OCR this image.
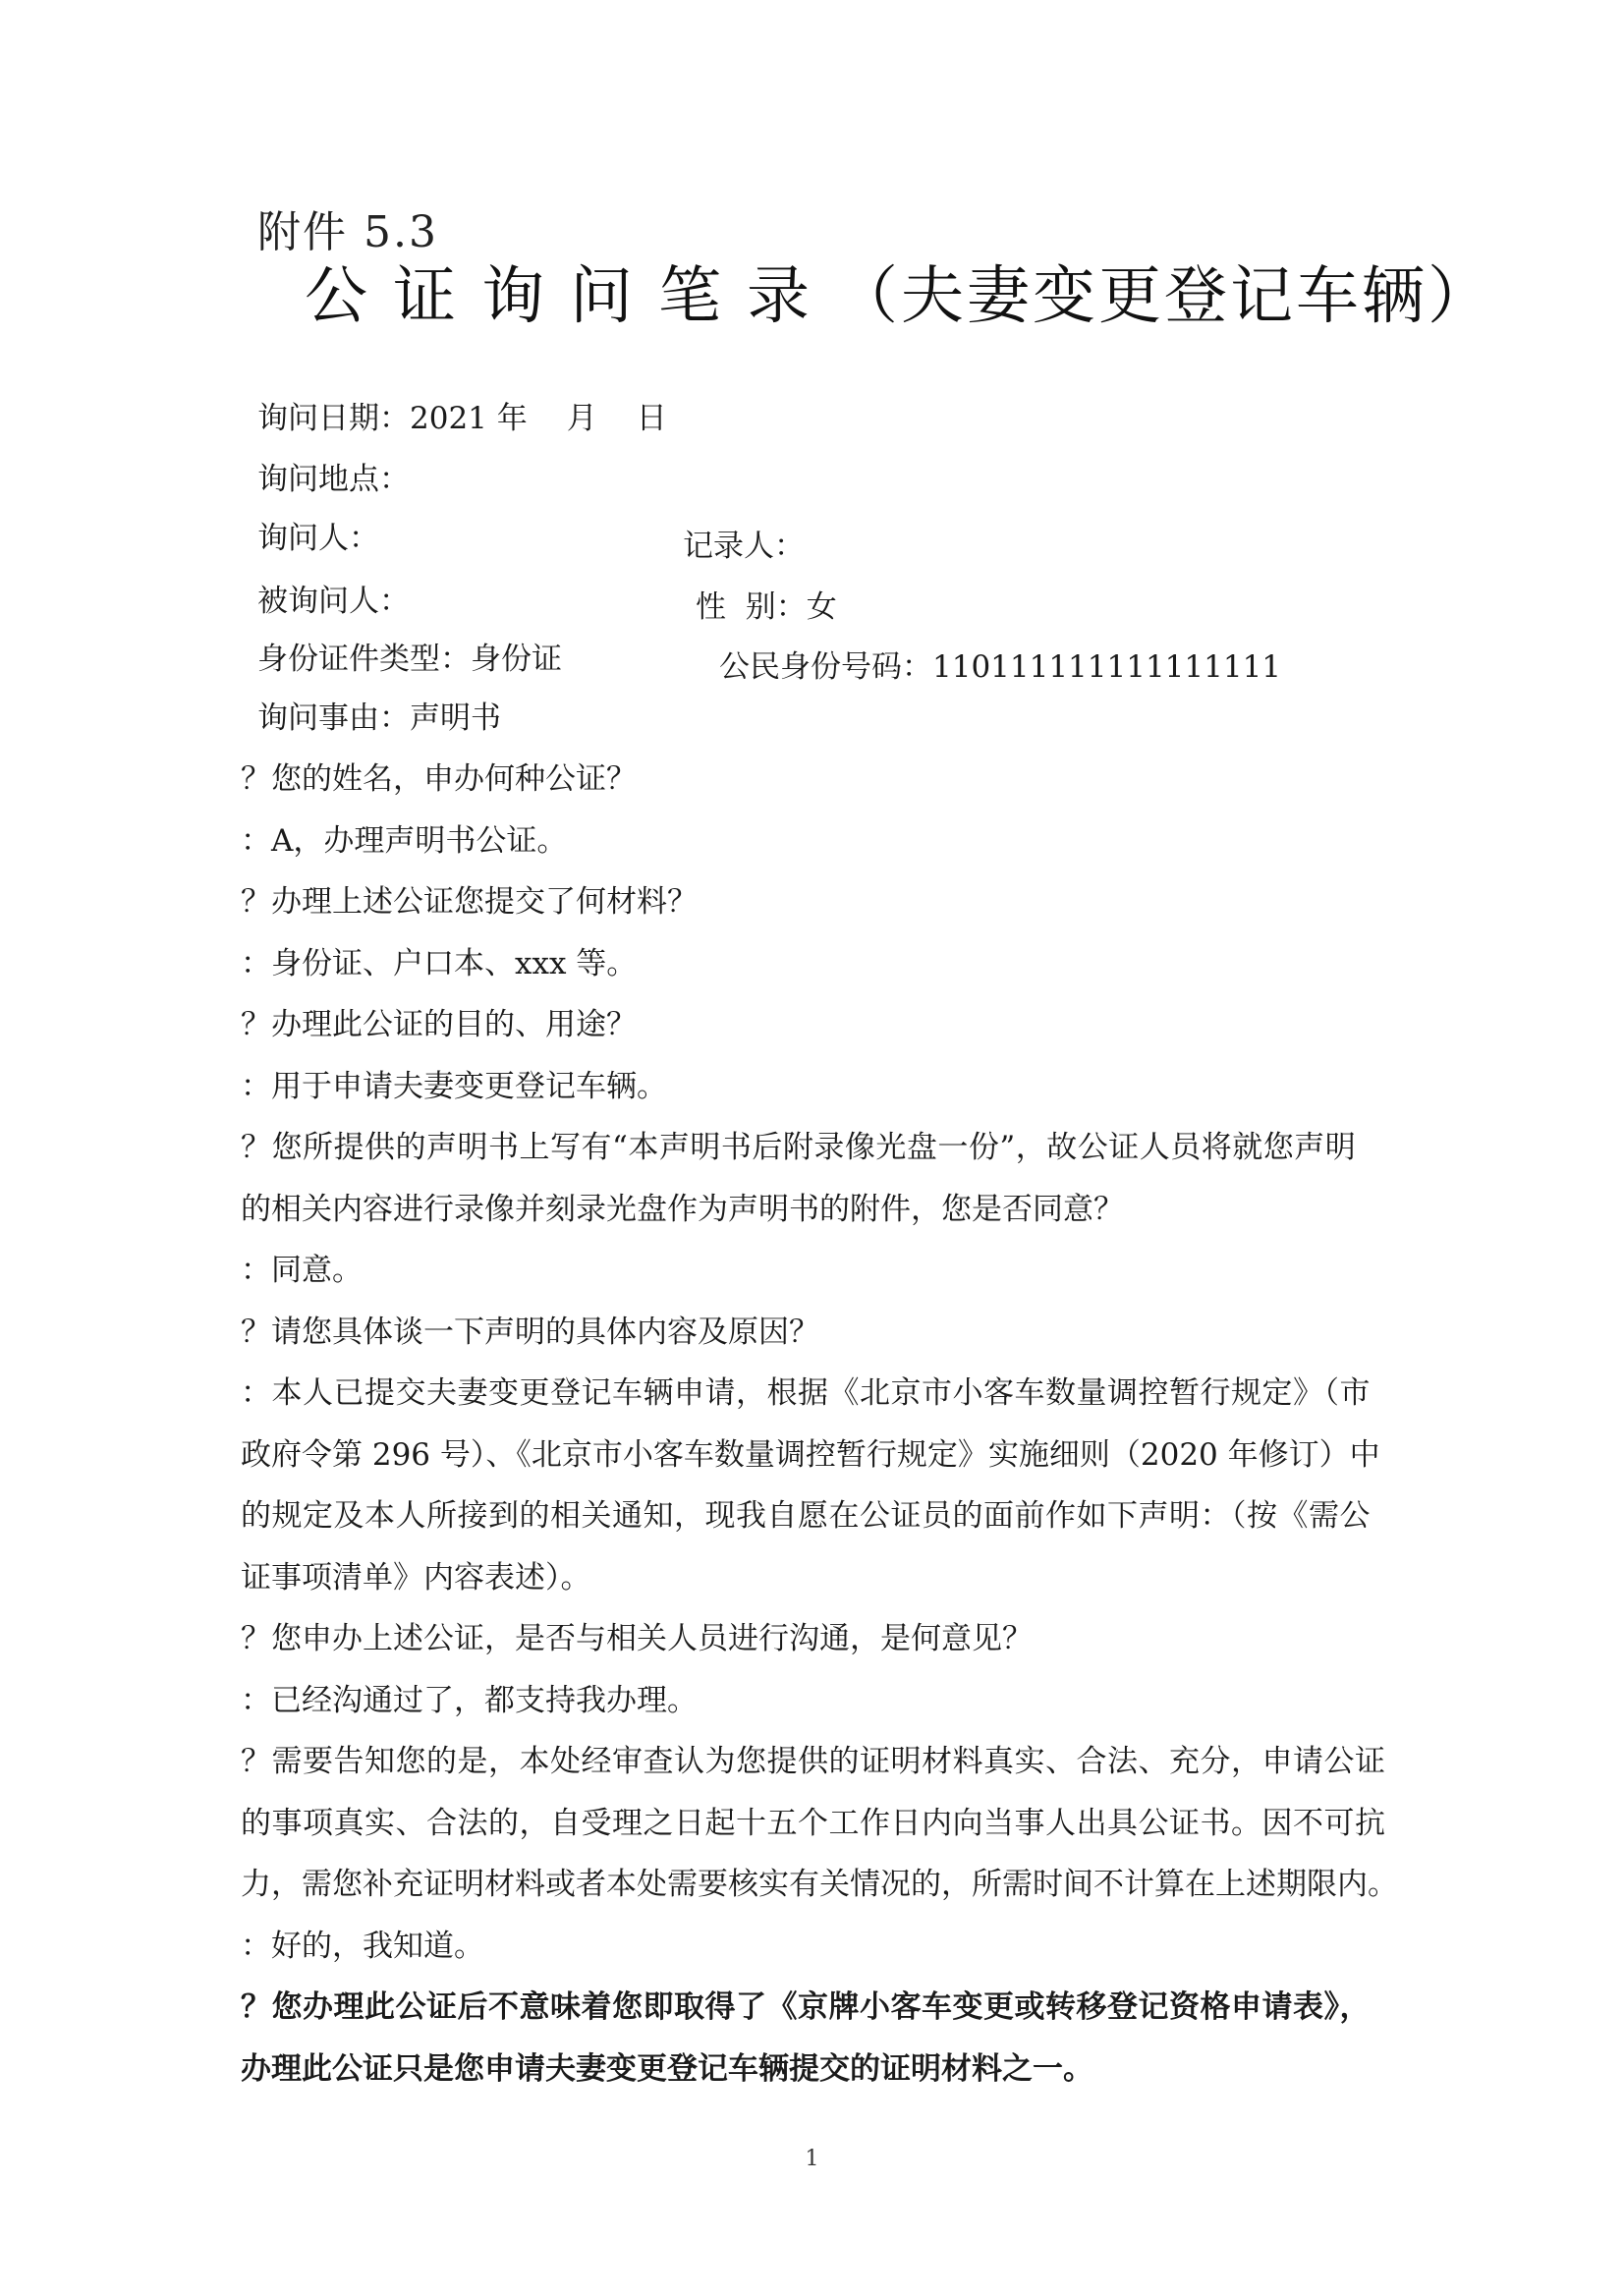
附件 5.3
公证询问笔录（夫妻变更登记车辆）
询问日期：2021 年 月 日
询问地点：
询问人：	记录人：
被询问人：	性  别：女
身份证件类型：身份证	公民身份号码：110111111111111111
询问事由：声明书
？您的姓名，申办何种公证？
：A，办理声明书公证。
？办理上述公证您提交了何材料？
：身份证、户口本、xxx 等。
？办理此公证的目的、用途？
：用于申请夫妻变更登记车辆。
？您所提供的声明书上写有“本声明书后附录像光盘一份”，故公证人员将就您声明
的相关内容进行录像并刻录光盘作为声明书的附件，您是否同意？
：同意。
？请您具体谈一下声明的具体内容及原因？
：本人已提交夫妻变更登记车辆申请，根据《北京市小客车数量调控暂行规定》（市
政府令第 296 号）、《北京市小客车数量调控暂行规定》实施细则（2020 年修订）中
的规定及本人所接到的相关通知，现我自愿在公证员的面前作如下声明：（按《需公
证事项清单》内容表述）。
？您申办上述公证，是否与相关人员进行沟通，是何意见？
：已经沟通过了，都支持我办理。
？需要告知您的是，本处经审查认为您提供的证明材料真实、合法、充分，申请公证
的事项真实、合法的，自受理之日起十五个工作日内向当事人出具公证书。因不可抗
力，需您补充证明材料或者本处需要核实有关情况的，所需时间不计算在上述期限内。
：好的，我知道。
？您办理此公证后不意味着您即取得了《京牌小客车变更或转移登记资格申请表》，
办理此公证只是您申请夫妻变更登记车辆提交的证明材料之一。
1
